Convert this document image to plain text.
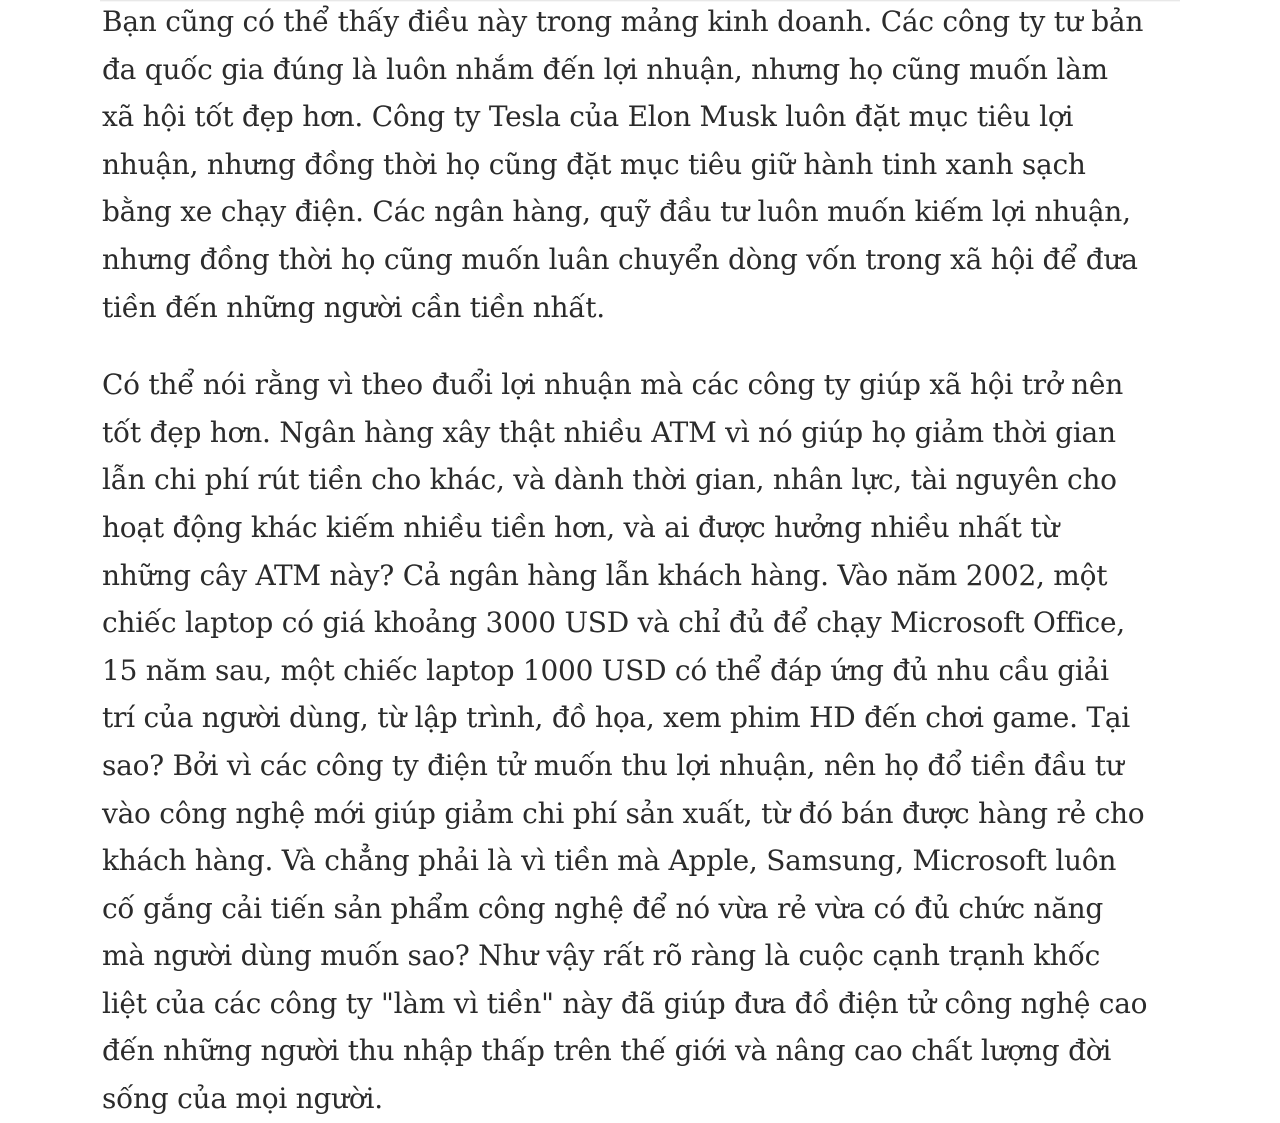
Bạn cũng có thể thấy điều này trong mảng kinh doanh. Các công ty tư bản đa quốc gia đúng là luôn nhắm đến lợi nhuận, nhưng họ cũng muốn làm xã hội tốt đẹp hơn. Công ty Tesla của Elon Musk luôn đặt mục tiêu lợi nhuận, nhưng đồng thời họ cũng đặt mục tiêu giữ hành tinh xanh sạch bằng xe chạy điện. Các ngân hàng, quỹ đầu tư luôn muốn kiếm lợi nhuận, nhưng đồng thời họ cũng muốn luân chuyển dòng vốn trong xã hội để đưa tiền đến những người cần tiền nhất.

Có thể nói rằng vì theo đuổi lợi nhuận mà các công ty giúp xã hội trở nên tốt đẹp hơn. Ngân hàng xây thật nhiều ATM vì nó giúp họ giảm thời gian lẫn chi phí rút tiền cho khác, và dành thời gian, nhân lực, tài nguyên cho hoạt động khác kiếm nhiều tiền hơn, và ai được hưởng nhiều nhất từ những cây ATM này? Cả ngân hàng lẫn khách hàng. Vào năm 2002, một chiếc laptop có giá khoảng 3000 USD và chỉ đủ để chạy Microsoft Office, 15 năm sau, một chiếc laptop 1000 USD có thể đáp ứng đủ nhu cầu giải trí của người dùng, từ lập trình, đồ họa, xem phim HD đến chơi game. Tại sao? Bởi vì các công ty điện tử muốn thu lợi nhuận, nên họ đổ tiền đầu tư vào công nghệ mới giúp giảm chi phí sản xuất, từ đó bán được hàng rẻ cho khách hàng. Và chẳng phải là vì tiền mà Apple, Samsung, Microsoft luôn cố gắng cải tiến sản phẩm công nghệ để nó vừa rẻ vừa có đủ chức năng mà người dùng muốn sao? Như vậy rất rõ ràng là cuộc cạnh trạnh khốc liệt của các công ty "làm vì tiền" này đã giúp đưa đồ điện tử công nghệ cao đến những người thu nhập thấp trên thế giới và nâng cao chất lượng đời sống của mọi người.
